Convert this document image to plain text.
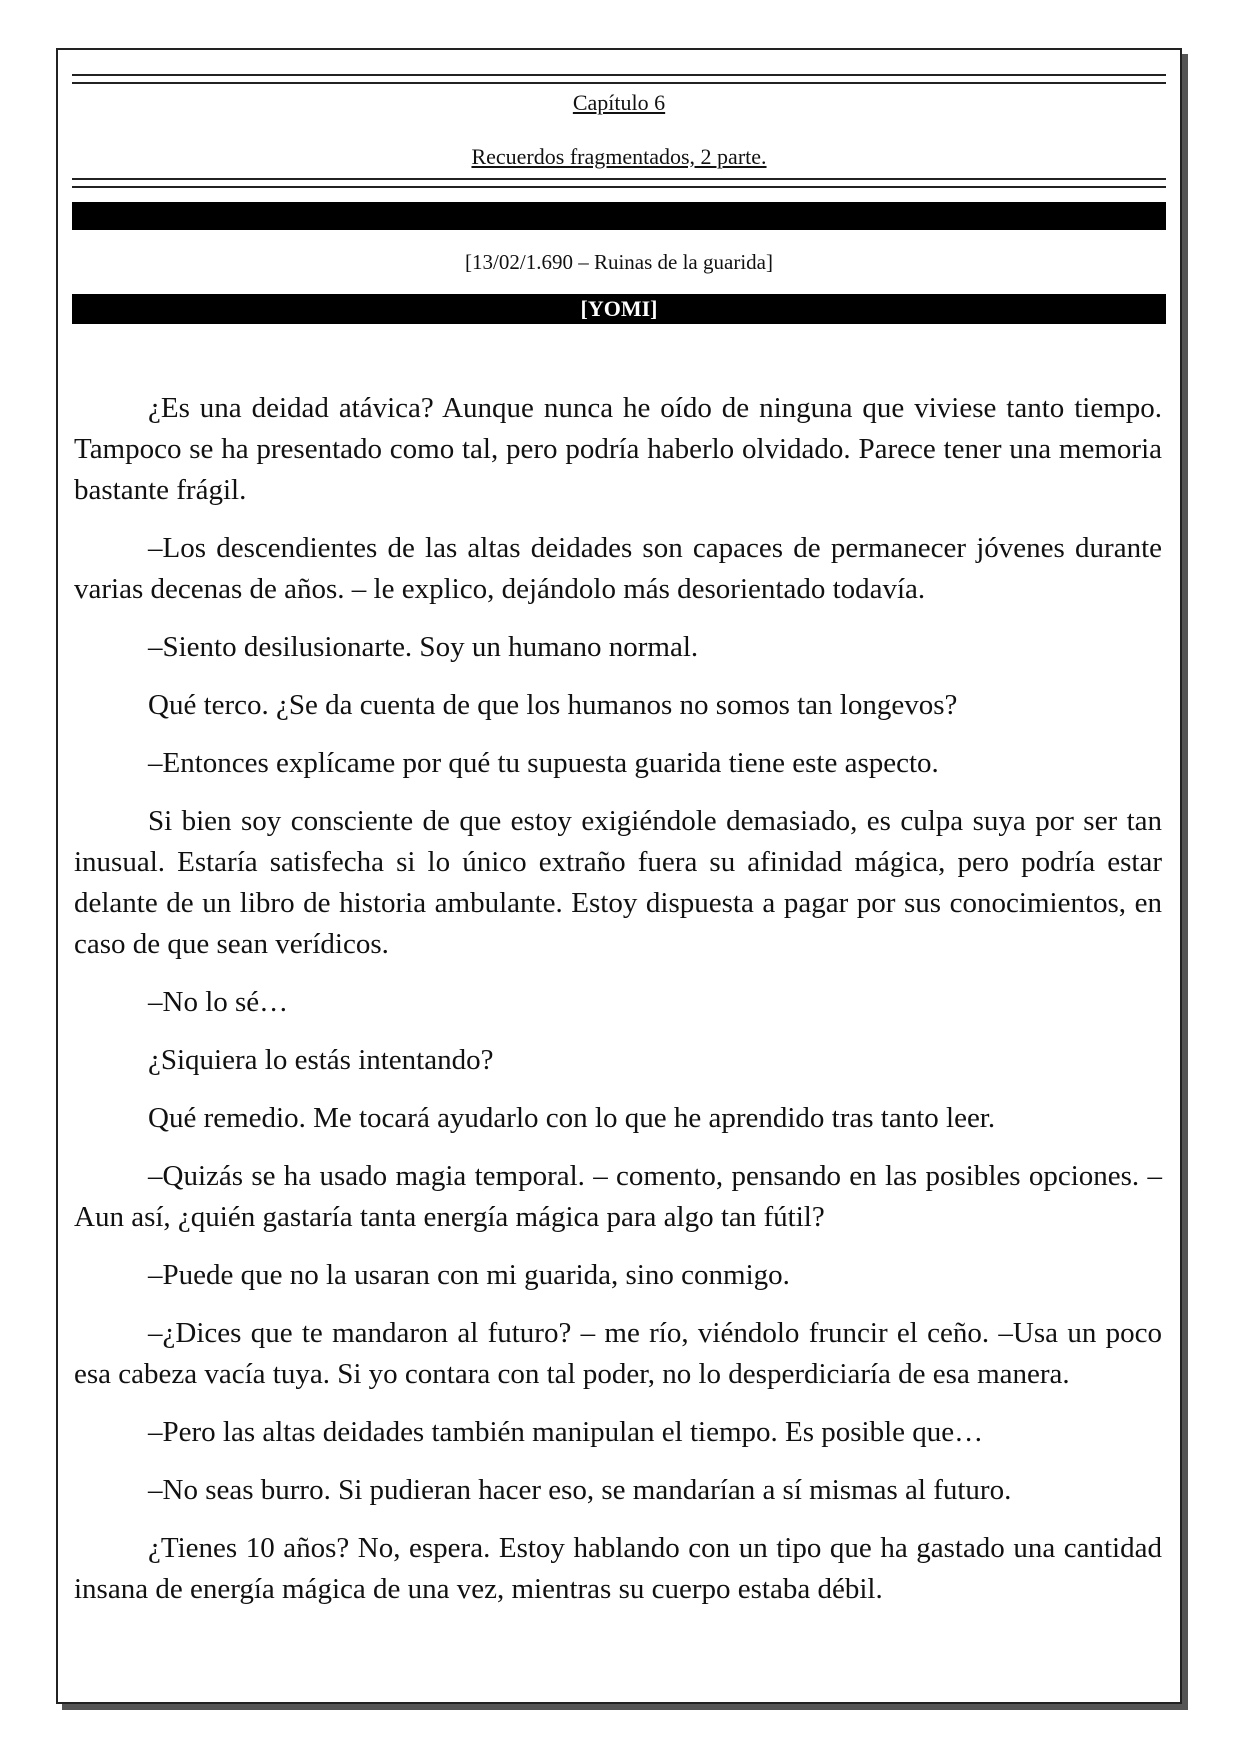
Capítulo 6
Recuerdos fragmentados, 2 parte.
[13/02/1.690 – Ruinas de la guarida]
[YOMI]

¿Es una deidad atávica? Aunque nunca he oído de ninguna que viviese tanto tiempo. Tampoco se ha presentado como tal, pero podría haberlo olvidado. Parece tener una memoria bastante frágil.

–Los descendientes de las altas deidades son capaces de permanecer jóvenes durante varias decenas de años. – le explico, dejándolo más desorientado todavía.

–Siento desilusionarte. Soy un humano normal.

Qué terco. ¿Se da cuenta de que los humanos no somos tan longevos?

–Entonces explícame por qué tu supuesta guarida tiene este aspecto.

Si bien soy consciente de que estoy exigiéndole demasiado, es culpa suya por ser tan inusual. Estaría satisfecha si lo único extraño fuera su afinidad mágica, pero podría estar delante de un libro de historia ambulante. Estoy dispuesta a pagar por sus conocimientos, en caso de que sean verídicos.

–No lo sé…

¿Siquiera lo estás intentando?

Qué remedio. Me tocará ayudarlo con lo que he aprendido tras tanto leer.

–Quizás se ha usado magia temporal. – comento, pensando en las posibles opciones. –Aun así, ¿quién gastaría tanta energía mágica para algo tan fútil?

–Puede que no la usaran con mi guarida, sino conmigo.

–¿Dices que te mandaron al futuro? – me río, viéndolo fruncir el ceño. –Usa un poco esa cabeza vacía tuya. Si yo contara con tal poder, no lo desperdiciaría de esa manera.

–Pero las altas deidades también manipulan el tiempo. Es posible que…

–No seas burro. Si pudieran hacer eso, se mandarían a sí mismas al futuro.

¿Tienes 10 años? No, espera. Estoy hablando con un tipo que ha gastado una cantidad insana de energía mágica de una vez, mientras su cuerpo estaba débil.
